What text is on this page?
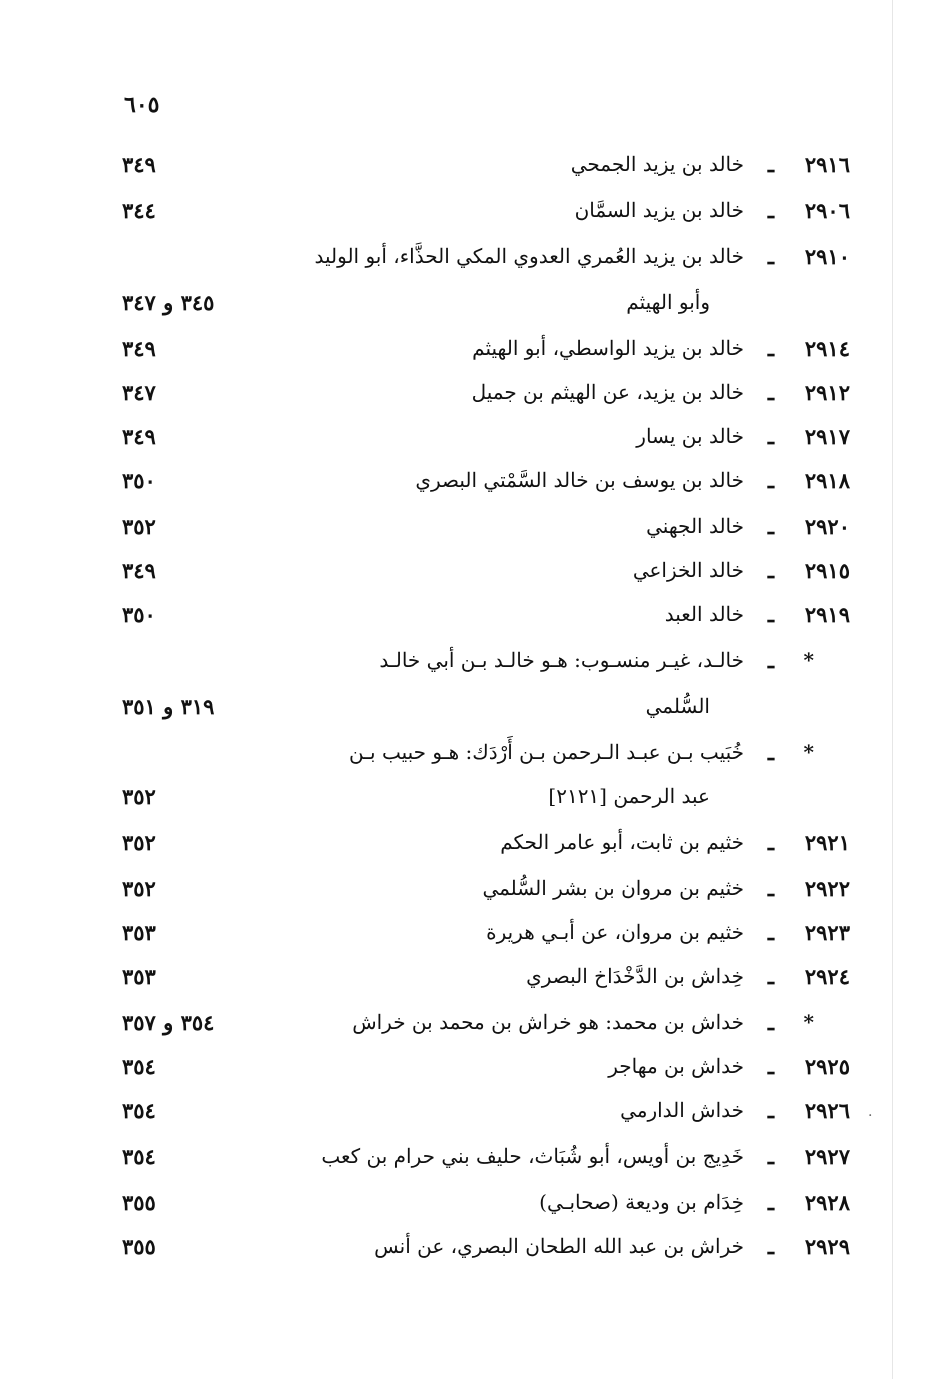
.
٦٠٥
٢٩١٦
ـ
خالد بن يزيد الجمحي
٣٤٩
٢٩٠٦
ـ
خالد بن يزيد السمَّان
٣٤٤
٢٩١٠
ـ
خالد بن يزيد العُمري العدوي المكي الحذَّاء، أبو الوليد
وأبو الهيثم
٣٤٥ و ٣٤٧
٢٩١٤
ـ
خالد بن يزيد الواسطي، أبو الهيثم
٣٤٩
٢٩١٢
ـ
خالد بن يزيد، عن الهيثم بن جميل
٣٤٧
٢٩١٧
ـ
خالد بن يسار
٣٤٩
٢٩١٨
ـ
خالد بن يوسف بن خالد السَّمْتي البصري
٣٥٠
٢٩٢٠
ـ
خالد الجهني
٣٥٢
٢٩١٥
ـ
خالد الخزاعي
٣٤٩
٢٩١٩
ـ
خالد العبد
٣٥٠
*
ـ
خالـد، غيـر منسـوب: هـو خالـد بـن أبي خالـد
السُّلمي
٣١٩ و ٣٥١
*
ـ
خُبَيب بـن عبـد الـرحمن بـن أَرْدَك: هـو حبيب بـن
عبد الرحمن [٢١٢١]
٣٥٢
٢٩٢١
ـ
خثيم بن ثابت، أبو عامر الحكم
٣٥٢
٢٩٢٢
ـ
خثيم بن مروان بن بشر السُّلمي
٣٥٢
٢٩٢٣
ـ
خثيم بن مروان، عن أبـي هريرة
٣٥٣
٢٩٢٤
ـ
خِداش بن الدَّخْدَاخ البصري
٣٥٣
*
ـ
خداش بن محمد: هو خراش بن محمد بن خراش
٣٥٤ و ٣٥٧
٢٩٢٥
ـ
خداش بن مهاجر
٣٥٤
٢٩٢٦
ـ
خداش الدارمي
٣٥٤
٢٩٢٧
ـ
خَدِيج بن أويس، أبو شُبَاث، حليف بني حرام بن كعب
٣٥٤
٢٩٢٨
ـ
خِدَام بن وديعة (صحابـي)
٣٥٥
٢٩٢٩
ـ
خراش بن عبد الله الطحان البصري، عن أنس
٣٥٥
